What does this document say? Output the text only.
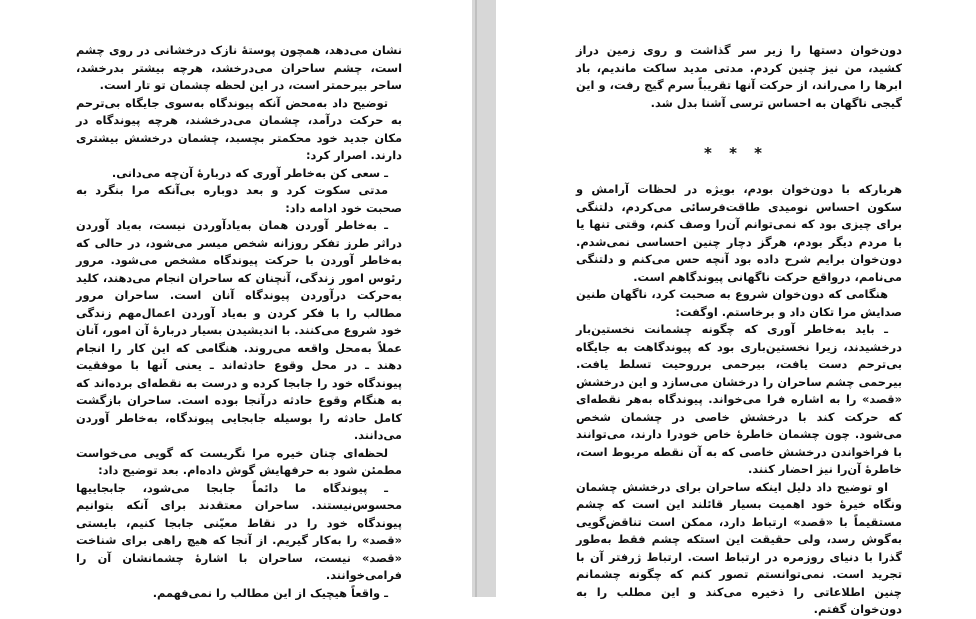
نشان می‌دهد، همچون پوستهٔ نازک درخشانی در روی چشم است، چشم ساحران می‌درخشد، هرچه بیشتر بدرخشد، ساحر بیرحمتر است، در این لحظه چشمان تو تار است.

توضیح داد به‌محض آنکه پیوندگاه به‌سوی جایگاه بی‌ترحم به حرکت درآمد، چشمان می‌درخشند، هرچه پیوندگاه در مکان جدید خود محکمتر بچسبد، چشمان درخشش بیشتری دارند. اصرار کرد:

ـ سعی کن به‌خاطر آوری که دربارهٔ آن‌چه می‌دانی.

مدتی سکوت کرد و بعد دوباره بی‌آنکه مرا بنگرد به صحبت خود ادامه داد:

ـ به‌خاطر آوردن همان به‌یادآوردن نیست، به‌یاد آوردن دراثر طرز تفکر روزانه شخص میسر می‌شود، در حالی که به‌خاطر آوردن با حرکت پیوندگاه مشخص می‌شود. مرور رئوس امور زندگی، آنچنان که ساحران انجام می‌دهند، کلید به‌حرکت درآوردن پیوندگاه آنان است. ساحران مرور مطالب را با فکر کردن و به‌یاد آوردن اعمال‌مهم زندگی خود شروع می‌کنند. با اندیشیدن بسیار دربارهٔ آن امور، آنان عملاً به‌محل واقعه می‌روند. هنگامی که این کار را انجام دهند ـ در محل وقوع حادثه‌اند ـ یعنی آنها با موفقیت پیوندگاه خود را جابجا کرده و درست به نقطه‌ای برده‌اند که به هنگام وقوع حادثه درآنجا بوده است. ساحران بازگشت کامل حادثه را بوسیله جابجایی پیوندگاه، به‌خاطر آوردن می‌دانند.

لحظه‌ای چنان خیره مرا نگریست که گویی می‌خواست مطمئن شود به حرفهایش گوش داده‌ام. بعد توضیح داد:

ـ پیوندگاه ما دائماً جابجا می‌شود، جابجاییها محسوس‌نیستند. ساحران معتقدند برای آنکه بتوانیم پیوندگاه خود را در نقاط معیّنی جابجا کنیم، بایستی «قصد» را به‌کار گیریم. از آنجا که هیچ راهی برای شناخت «قصد» نیست، ساحران با اشارهٔ چشمانشان آن را فرامی‌خوانند.

ـ واقعاً هیچیک از این مطالب را نمی‌فهمم.

دون‌خوان دستها را زیر سر گذاشت و روی زمین دراز کشید، من نیز چنین کردم. مدتی مدید ساکت ماندیم، باد ابرها را می‌راند، از حرکت آنها تقریباً سرم گیج رفت، و این گیجی ناگهان به احساس ترسی آشنا بدل شد.

* * *

هربارکه با دون‌خوان بودم، بویژه در لحظات آرامش و سکون احساس نومیدی طاقت‌فرسائی می‌کردم، دلتنگی برای چیزی بود که نمی‌توانم آن‌را وصف کنم، وقتی تنها یا با مردم دیگر بودم، هرگز دچار چنین احساسی نمی‌شدم. دون‌خوان برایم شرح داده بود آنچه حس می‌کنم و دلتنگی می‌نامم، درواقع حرکت ناگهانی پیوندگاهم است.

هنگامی که دون‌خوان شروع به صحبت کرد، ناگهان طنین صدایش مرا تکان داد و برخاستم. اوگفت:

ـ باید به‌خاطر آوری که چگونه چشمانت نخستین‌بار درخشیدند، زیرا نخستین‌باری بود که پیوندگاهت به جایگاه بی‌ترحم دست یافت، بیرحمی برروحیت تسلط یافت. بیرحمی چشم ساحران را درخشان می‌سازد و این درخشش «قصد» را به اشاره فرا می‌خواند. پیوندگاه به‌هر نقطه‌ای که حرکت کند با درخشش خاصی در چشمان شخص می‌شود. چون چشمان خاطرهٔ خاص خودرا دارند، می‌توانند با فراخواندن درخشش خاصی که به آن نقطه مربوط است، خاطرهٔ آن‌را نیز احضار کنند.

او توضیح داد دلیل اینکه ساحران برای درخشش چشمان ونگاه خیرهٔ خود اهمیت بسیار قائلند این است که چشم مستقیماً با «قصد» ارتباط دارد، ممکن است تناقض‌گویی به‌گوش رسد، ولی حقیقت این استکه چشم فقط به‌طور گذرا با دنیای روزمره در ارتباط است. ارتباط ژرفتر آن با تجرید است. نمی‌توانستم تصور کنم که چگونه چشمانم چنین اطلاعاتی را ذخیره می‌کند و این مطلب را به دون‌خوان گفتم.
